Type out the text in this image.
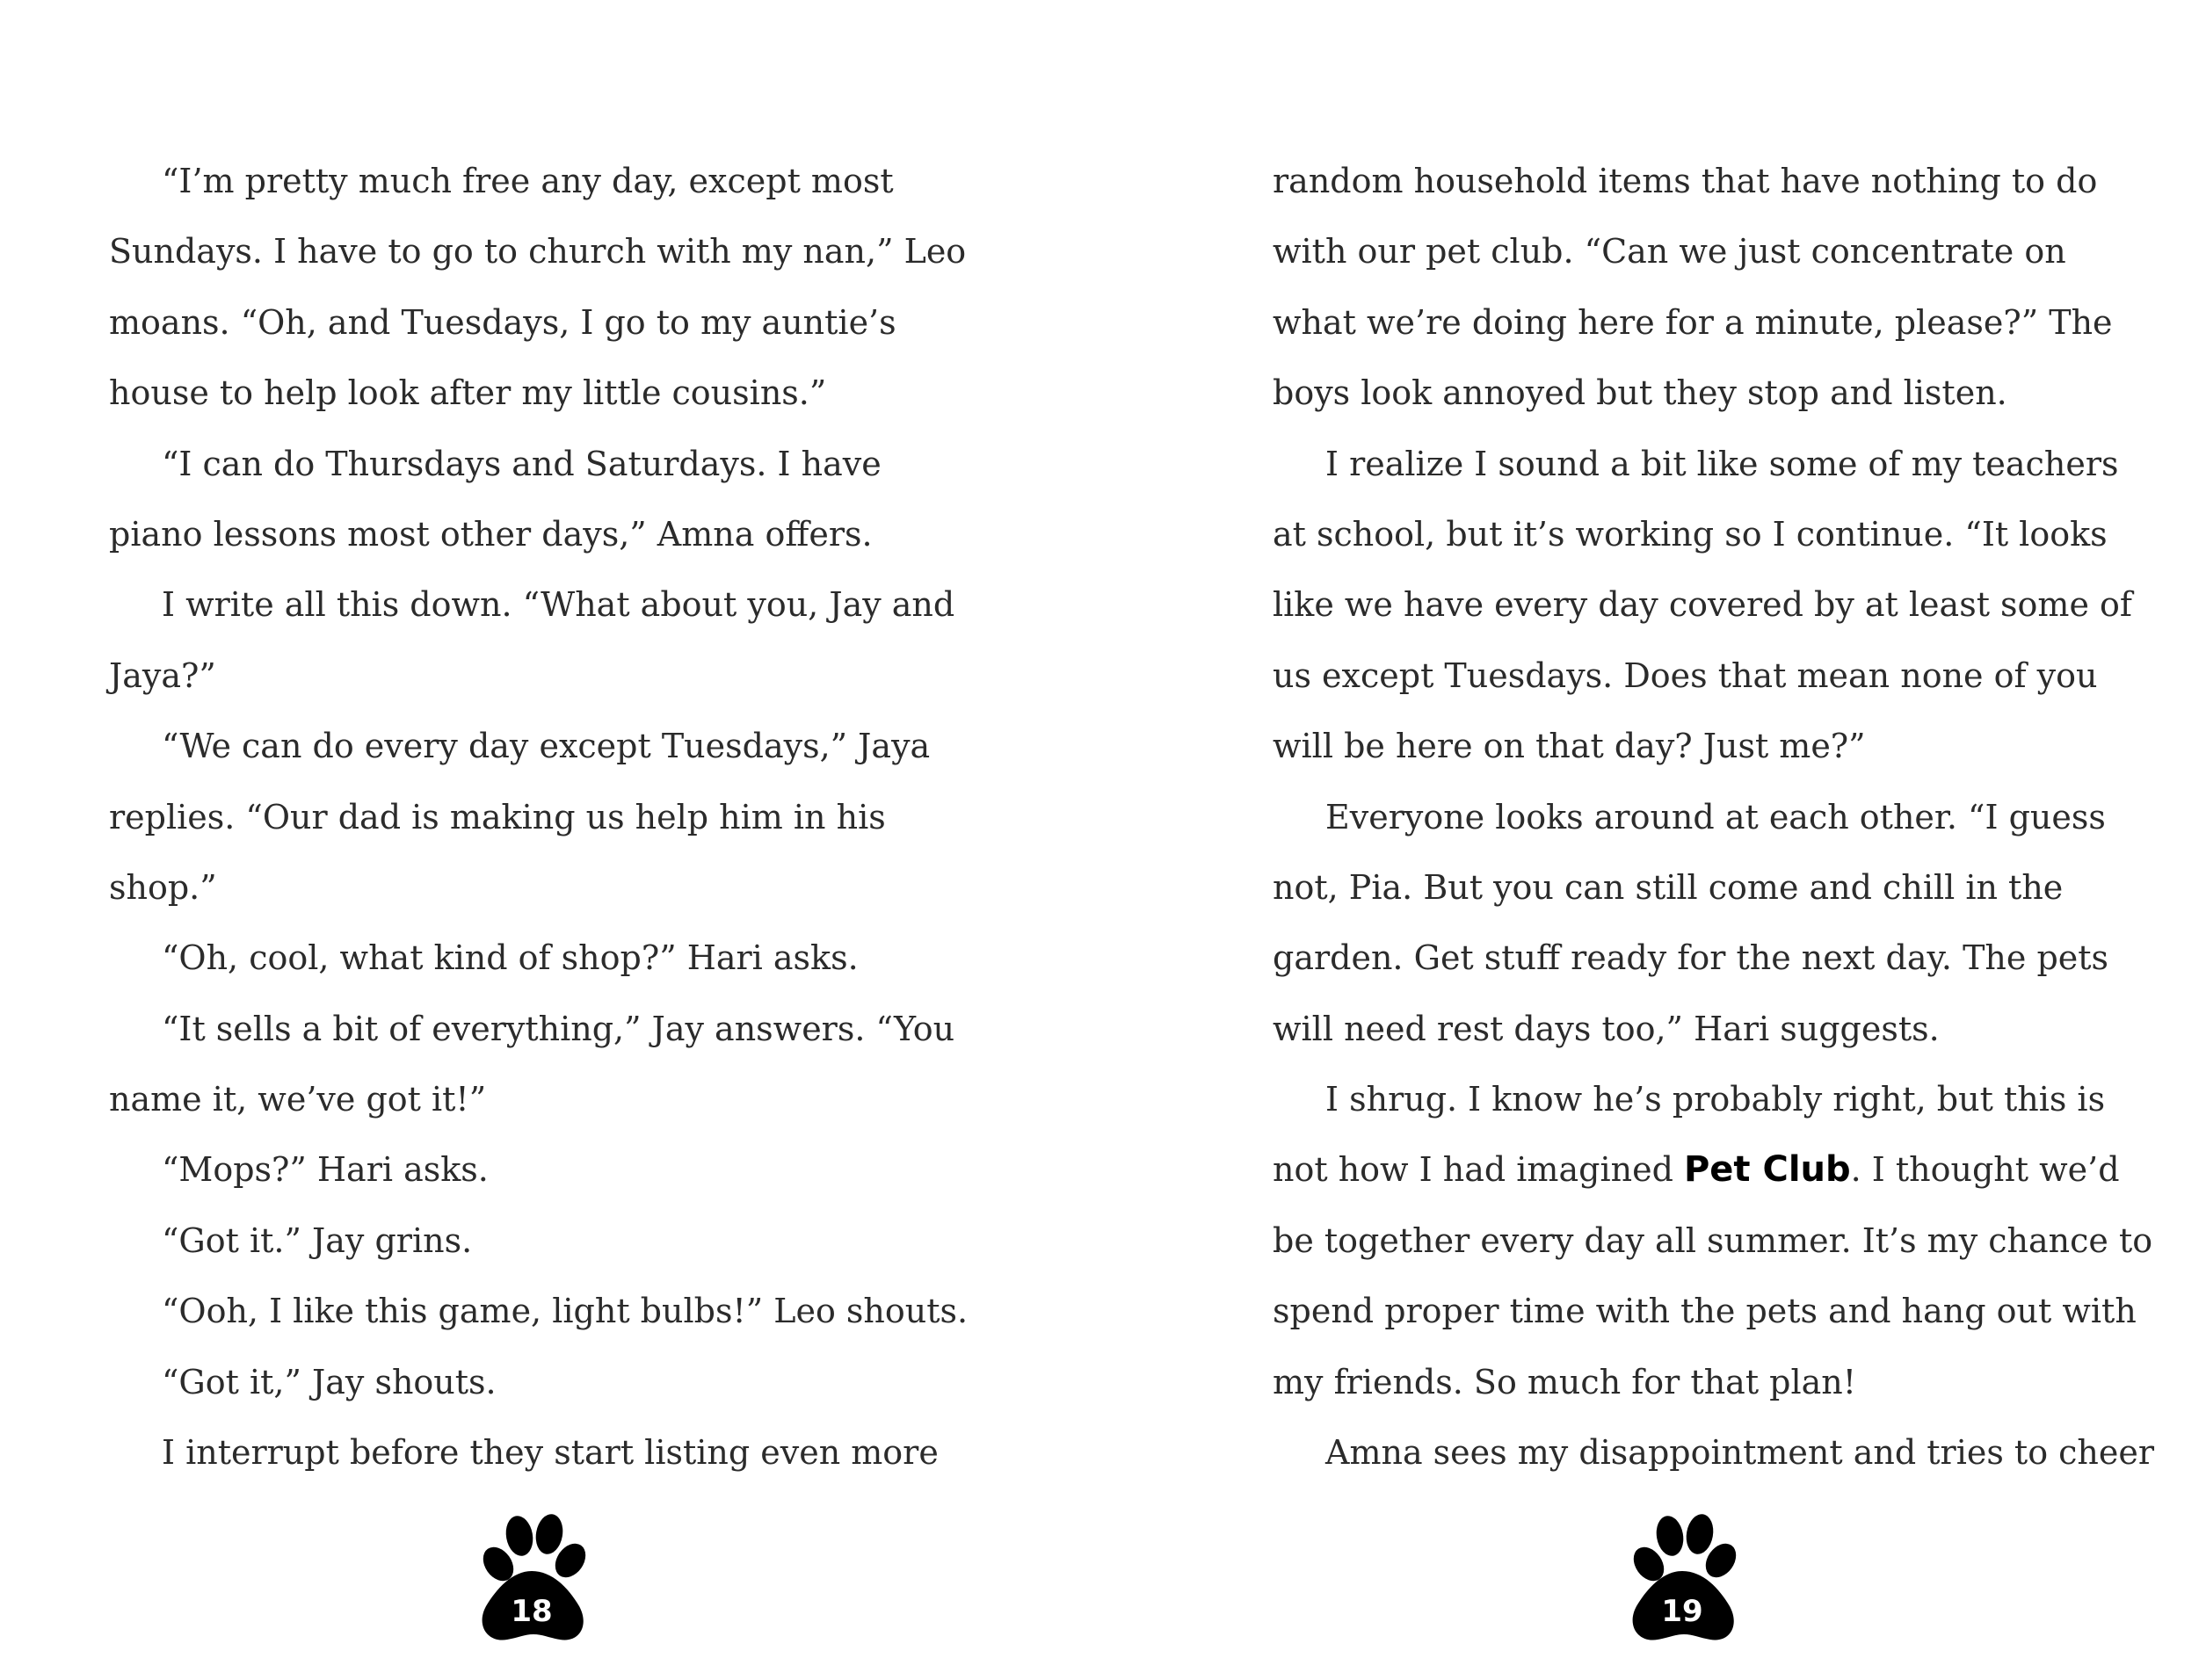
“I’m pretty much free any day, except most
Sundays. I have to go to church with my nan,” Leo
moans. “Oh, and Tuesdays, I go to my auntie’s
house to help look after my little cousins.”
“I can do Thursdays and Saturdays. I have
piano lessons most other days,” Amna offers.
I write all this down. “What about you, Jay and
Jaya?”
“We can do every day except Tuesdays,” Jaya
replies. “Our dad is making us help him in his
shop.”
“Oh, cool, what kind of shop?” Hari asks.
“It sells a bit of everything,” Jay answers. “You
name it, we’ve got it!”
“Mops?” Hari asks.
“Got it.” Jay grins.
“Ooh, I like this game, light bulbs!” Leo shouts.
“Got it,” Jay shouts.
I interrupt before they start listing even more
random household items that have nothing to do
with our pet club. “Can we just concentrate on
what we’re doing here for a minute, please?” The
boys look annoyed but they stop and listen.
I realize I sound a bit like some of my teachers
at school, but it’s working so I continue. “It looks
like we have every day covered by at least some of
us except Tuesdays. Does that mean none of you
will be here on that day? Just me?”
Everyone looks around at each other. “I guess
not, Pia. But you can still come and chill in the
garden. Get stuff ready for the next day. The pets
will need rest days too,” Hari suggests.
I shrug. I know he’s probably right, but this is
not how I had imagined Pet Club. I thought we’d
be together every day all summer. It’s my chance to
spend proper time with the pets and hang out with
my friends. So much for that plan!
Amna sees my disappointment and tries to cheer
18	19
